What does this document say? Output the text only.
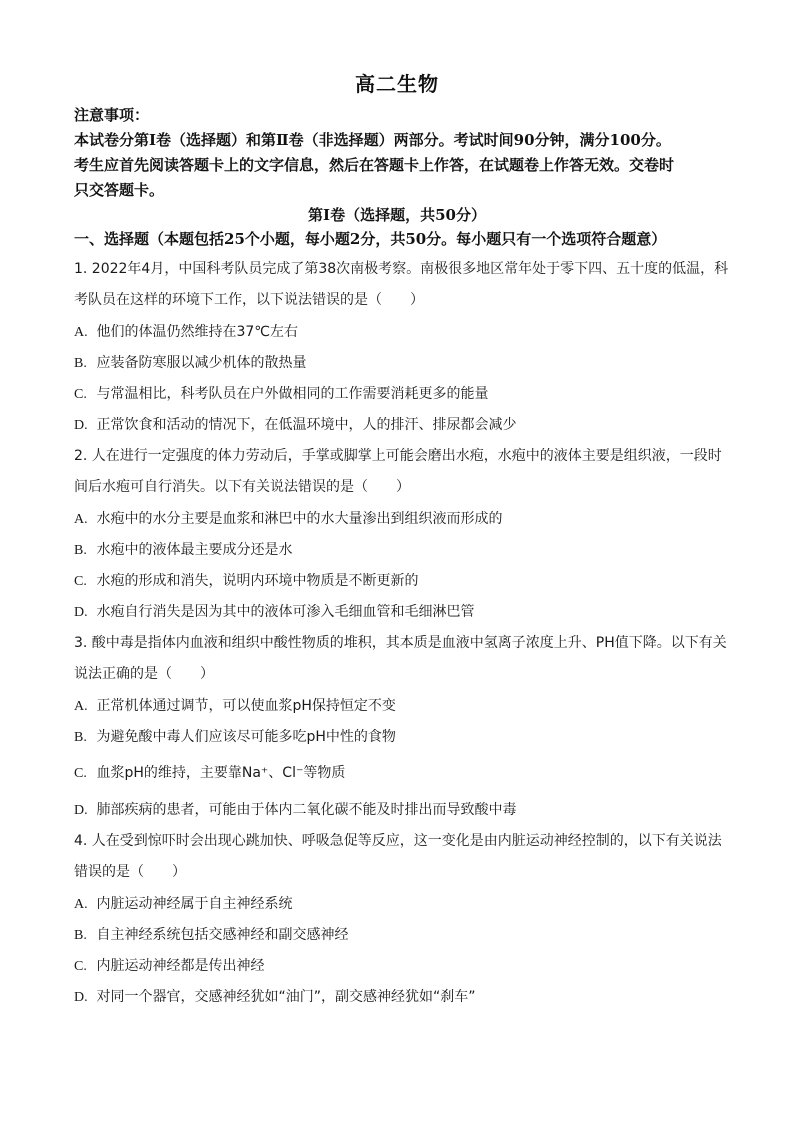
高二生物
注意事项：
本试卷分第Ⅰ卷（选择题）和第Ⅱ卷（非选择题）两部分。考试时间90分钟，满分100分。
考生应首先阅读答题卡上的文字信息，然后在答题卡上作答，在试题卷上作答无效。交卷时
只交答题卡。
第Ⅰ卷（选择题，共50分）
一、选择题（本题包括25个小题，每小题2分，共50分。每小题只有一个选项符合题意）
1. 2022年4月，中国科考队员完成了第38次南极考察。南极很多地区常年处于零下四、五十度的低温，科
考队员在这样的环境下工作，以下说法错误的是（　　）
A. 他们的体温仍然维持在37℃左右
B. 应装备防寒服以减少机体的散热量
C. 与常温相比，科考队员在户外做相同的工作需要消耗更多的能量
D. 正常饮食和活动的情况下，在低温环境中，人的排汗、排尿都会减少
2. 人在进行一定强度的体力劳动后，手掌或脚掌上可能会磨出水疱，水疱中的液体主要是组织液，一段时
间后水疱可自行消失。以下有关说法错误的是（　　）
A. 水疱中的水分主要是血浆和淋巴中的水大量渗出到组织液而形成的
B. 水疱中的液体最主要成分还是水
C. 水疱的形成和消失，说明内环境中物质是不断更新的
D. 水疱自行消失是因为其中的液体可渗入毛细血管和毛细淋巴管
3. 酸中毒是指体内血液和组织中酸性物质的堆积，其本质是血液中氢离子浓度上升、PH值下降。以下有关
说法正确的是（　　）
A. 正常机体通过调节，可以使血浆pH保持恒定不变
B. 为避免酸中毒人们应该尽可能多吃pH中性的食物
C. 血浆pH的维持，主要靠Na⁺、Cl⁻等物质
D. 肺部疾病的患者，可能由于体内二氧化碳不能及时排出而导致酸中毒
4. 人在受到惊吓时会出现心跳加快、呼吸急促等反应，这一变化是由内脏运动神经控制的，以下有关说法
错误的是（　　）
A. 内脏运动神经属于自主神经系统
B. 自主神经系统包括交感神经和副交感神经
C. 内脏运动神经都是传出神经
D. 对同一个器官，交感神经犹如“油门”，副交感神经犹如“刹车”
